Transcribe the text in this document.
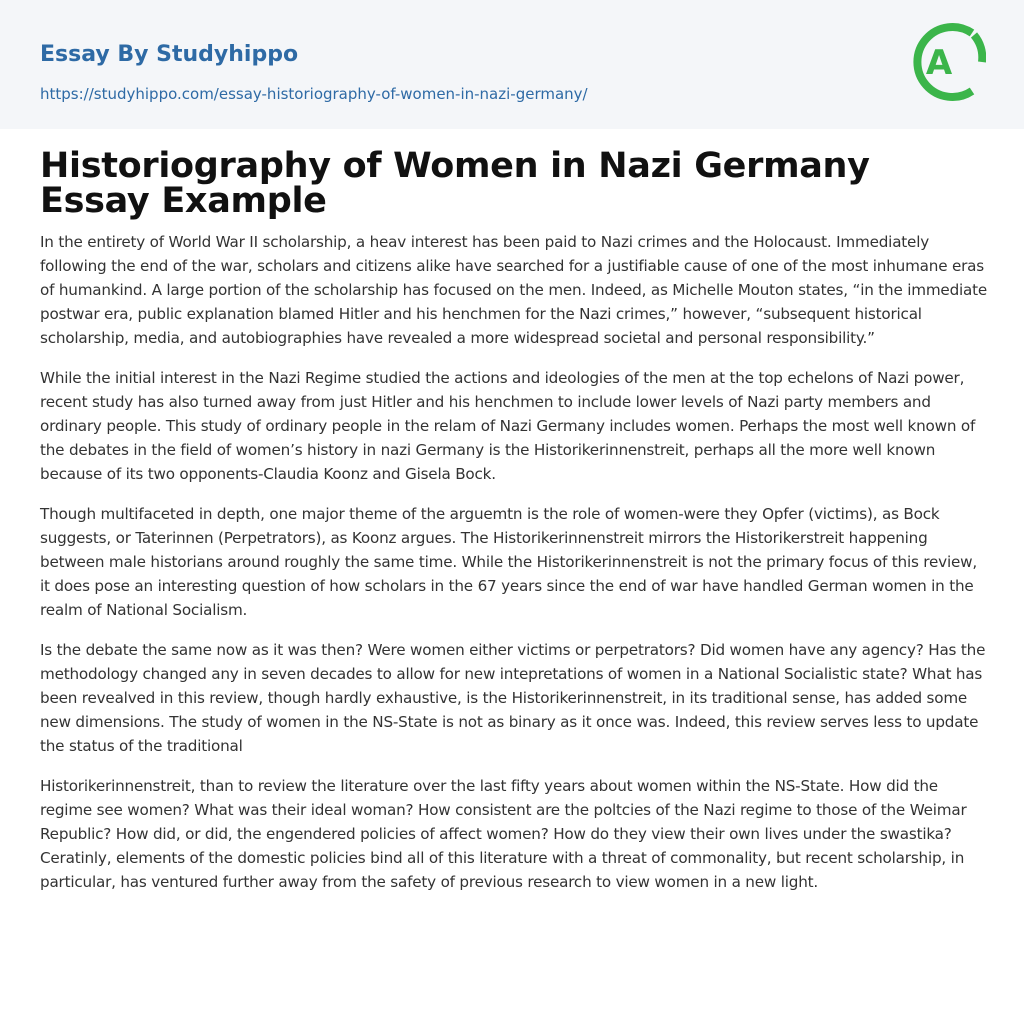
Essay By Studyhippo
https://studyhippo.com/essay-historiography-of-women-in-nazi-germany/
A
Historiography of Women in Nazi Germany Essay Example

In the entirety of World War II scholarship, a heav interest has been paid to Nazi crimes and the Holocaust. Immediately following the end of the war, scholars and citizens alike have searched for a justifiable cause of one of the most inhumane eras of humankind. A large portion of the scholarship has focused on the men. Indeed, as Michelle Mouton states, “in the immediate postwar era, public explanation blamed Hitler and his henchmen for the Nazi crimes,” however, “subsequent historical scholarship, media, and autobiographies have revealed a more widespread societal and personal responsibility.”

While the initial interest in the Nazi Regime studied the actions and ideologies of the men at the top echelons of Nazi power, recent study has also turned away from just Hitler and his henchmen to include lower levels of Nazi party members and ordinary people. This study of ordinary people in the relam of Nazi Germany includes women. Perhaps the most well known of the debates in the field of women’s history in nazi Germany is the Historikerinnenstreit, perhaps all the more well known because of its two opponents-Claudia Koonz and Gisela Bock.

Though multifaceted in depth, one major theme of the arguemtn is the role of women-were they Opfer (victims), as Bock suggests, or Taterinnen (Perpetrators), as Koonz argues. The Historikerinnenstreit mirrors the Historikerstreit happening between male historians around roughly the same time. While the Historikerinnenstreit is not the primary focus of this review, it does pose an interesting question of how scholars in the 67 years since the end of war have handled German women in the realm of National Socialism.

Is the debate the same now as it was then? Were women either victims or perpetrators? Did women have any agency? Has the methodology changed any in seven decades to allow for new intepretations of women in a National Socialistic state? What has been revealved in this review, though hardly exhaustive, is the Historikerinnenstreit, in its traditional sense, has added some new dimensions. The study of women in the NS-State is not as binary as it once was. Indeed, this review serves less to update the status of the traditional

Historikerinnenstreit, than to review the literature over the last fifty years about women within the NS-State. How did the regime see women? What was their ideal woman? How consistent are the poltcies of the Nazi regime to those of the Weimar Republic? How did, or did, the engendered policies of affect women? How do they view their own lives under the swastika? Ceratinly, elements of the domestic policies bind all of this literature with a threat of commonality, but recent scholarship, in particular, has ventured further away from the safety of previous research to view women in a new light.
